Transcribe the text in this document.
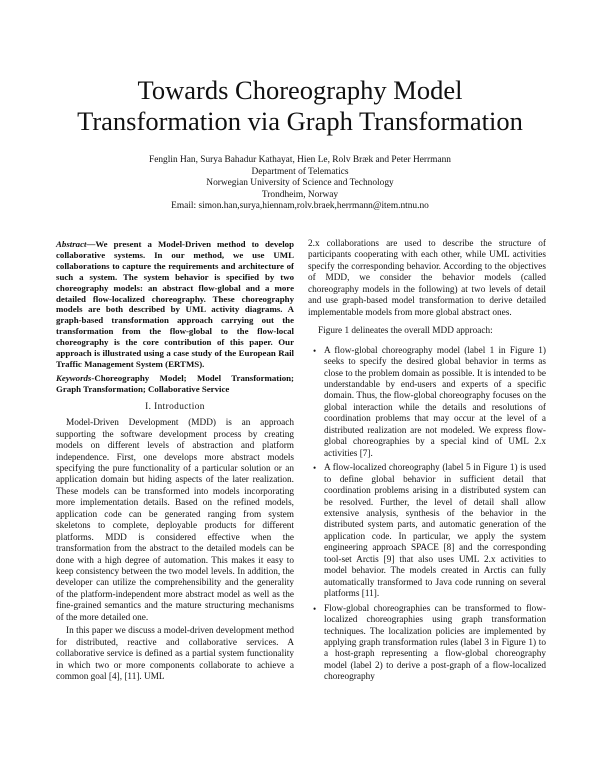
Towards Choreography Model
Transformation via Graph Transformation
Fenglin Han, Surya Bahadur Kathayat, Hien Le, Rolv Bræk and Peter Herrmann
Department of Telematics
Norwegian University of Science and Technology
Trondheim, Norway
Email: simon.han,surya,hiennam,rolv.braek,herrmann@item.ntnu.no

Abstract—We present a Model-Driven method to develop collaborative systems. In our method, we use UML collaborations to capture the requirements and architecture of such a system. The system behavior is specified by two choreography models: an abstract flow-global and a more detailed flow-localized choreography. These choreography models are both described by UML activity diagrams. A graph-based transformation approach carrying out the transformation from the flow-global to the flow-local choreography is the core contribution of this paper. Our approach is illustrated using a case study of the European Rail Traffic Management System (ERTMS).

Keywords-Choreography Model; Model Transformation; Graph Transformation; Collaborative Service

I. Introduction

Model-Driven Development (MDD) is an approach supporting the software development process by creating models on different levels of abstraction and platform independence. First, one develops more abstract models specifying the pure functionality of a particular solution or an application domain but hiding aspects of the later realization. These models can be transformed into models incorporating more implementation details. Based on the refined models, application code can be generated ranging from system skeletons to complete, deployable products for different platforms. MDD is considered effective when the transformation from the abstract to the detailed models can be done with a high degree of automation. This makes it easy to keep consistency between the two model levels. In addition, the developer can utilize the comprehensibility and the generality of the platform-independent more abstract model as well as the fine-grained semantics and the mature structuring mechanisms of the more detailed one.

In this paper we discuss a model-driven development method for distributed, reactive and collaborative services. A collaborative service is defined as a partial system functionality in which two or more components collaborate to achieve a common goal [4], [11]. UML

2.x collaborations are used to describe the structure of participants cooperating with each other, while UML activities specify the corresponding behavior. According to the objectives of MDD, we consider the behavior models (called choreography models in the following) at two levels of detail and use graph-based model transformation to derive detailed implementable models from more global abstract ones.

Figure 1 delineates the overall MDD approach:

• A flow-global choreography model (label 1 in Figure 1) seeks to specify the desired global behavior in terms as close to the problem domain as possible. It is intended to be understandable by end-users and experts of a specific domain. Thus, the flow-global choreography focuses on the global interaction while the details and resolutions of coordination problems that may occur at the level of a distributed realization are not modeled. We express flow-global choreographies by a special kind of UML 2.x activities [7].
• A flow-localized choreography (label 5 in Figure 1) is used to define global behavior in sufficient detail that coordination problems arising in a distributed system can be resolved. Further, the level of detail shall allow extensive analysis, synthesis of the behavior in the distributed system parts, and automatic generation of the application code. In particular, we apply the system engineering approach SPACE [8] and the corresponding tool-set Arctis [9] that also uses UML 2.x activities to model behavior. The models created in Arctis can fully automatically transformed to Java code running on several platforms [11].
• Flow-global choreographies can be transformed to flow-localized choreographies using graph transformation techniques. The localization policies are implemented by applying graph transformation rules (label 3 in Figure 1) to a host-graph representing a flow-global choreography model (label 2) to derive a post-graph of a flow-localized choreography
